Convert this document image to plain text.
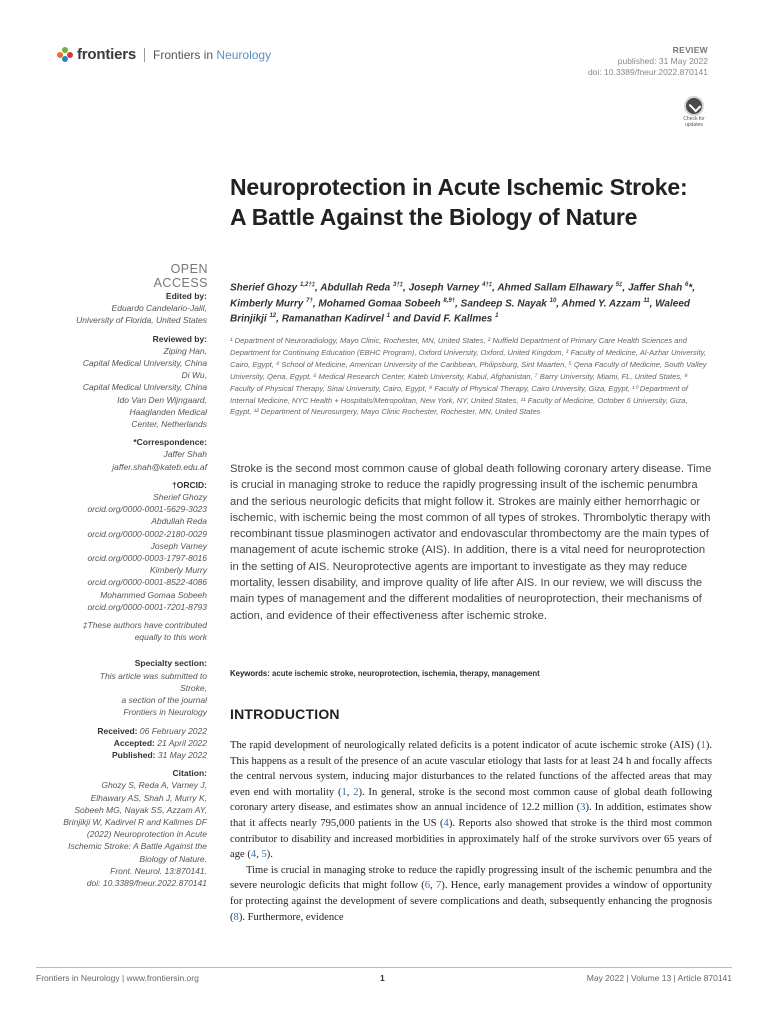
frontiers Frontiers in Neurology	REVIEW
published: 31 May 2022
doi: 10.3389/fneur.2022.870141
Check for updates
Neuroprotection in Acute Ischemic Stroke: A Battle Against the Biology of Nature
OPEN ACCESS
Edited by:
Eduardo Candelario-Jalil,
University of Florida, United States
Reviewed by:
Ziping Han,
Capital Medical University, China
Di Wu,
Capital Medical University, China
Ido Van Den Wijngaard,
Haaglanden Medical
Center, Netherlands
*Correspondence:
Jaffer Shah
jaffer.shah@kateb.edu.af
†ORCID:
Sherief Ghozy
orcid.org/0000-0001-5629-3023
Abdullah Reda
orcid.org/0000-0002-2180-0029
Joseph Varney
orcid.org/0000-0003-1797-8016
Kimberly Murry
orcid.org/0000-0001-8522-4086
Mohammed Gomaa Sobeeh
orcid.org/0000-0001-7201-8793
‡These authors have contributed
equally to this work
Specialty section:
This article was submitted to
Stroke,
a section of the journal
Frontiers in Neurology
Received: 06 February 2022
Accepted: 21 April 2022
Published: 31 May 2022
Citation:
Ghozy S, Reda A, Varney J,
Elhawary AS, Shah J, Murry K,
Sobeeh MG, Nayak SS, Azzam AY,
Brinjikji W, Kadirvel R and Kallmes DF
(2022) Neuroprotection in Acute
Ischemic Stroke: A Battle Against the
Biology of Nature.
Front. Neurol. 13:870141.
doi: 10.3389/fneur.2022.870141
Sherief Ghozy $^{1,2\dagger\ddagger}$, Abdullah Reda $^{3\dagger\ddagger}$, Joseph Varney $^{4\dagger\ddagger}$, Ahmed Sallam Elhawary $^{5\ddagger}$, Jaffer Shah $^6$*, Kimberly Murry $^{7\dagger}$, Mohamed Gomaa Sobeeh $^{8,9\dagger}$, Sandeep S. Nayak $^{10}$, Ahmed Y. Azzam $^{11}$, Waleed Brinjikji $^{12}$, Ramanathan Kadirvel $^1$ and David F. Kallmes $^1$
¹ Department of Neuroradiology, Mayo Clinic, Rochester, MN, United States, ² Nuffield Department of Primary Care Health Sciences and Department for Continuing Education (EBHC Program), Oxford University, Oxford, United Kingdom, ³ Faculty of Medicine, Al-Azhar University, Cairo, Egypt, ⁴ School of Medicine, American University of the Caribbean, Philipsburg, Sint Maarten, ⁵ Qena Faculty of Medicine, South Valley University, Qena, Egypt, ⁶ Medical Research Center, Kateb University, Kabul, Afghanistan, ⁷ Barry University, Miami, FL, United States, ⁸ Faculty of Physical Therapy, Sinai University, Cairo, Egypt, ⁹ Faculty of Physical Therapy, Cairo University, Giza, Egypt, ¹⁰ Department of Internal Medicine, NYC Health + Hospitals/Metropolitan, New York, NY, United States, ¹¹ Faculty of Medicine, October 6 University, Giza, Egypt, ¹² Department of Neurosurgery, Mayo Clinic Rochester, Rochester, MN, United States
Stroke is the second most common cause of global death following coronary artery disease. Time is crucial in managing stroke to reduce the rapidly progressing insult of the ischemic penumbra and the serious neurologic deficits that might follow it. Strokes are mainly either hemorrhagic or ischemic, with ischemic being the most common of all types of strokes. Thrombolytic therapy with recombinant tissue plasminogen activator and endovascular thrombectomy are the main types of management of acute ischemic stroke (AIS). In addition, there is a vital need for neuroprotection in the setting of AIS. Neuroprotective agents are important to investigate as they may reduce mortality, lessen disability, and improve quality of life after AIS. In our review, we will discuss the main types of management and the different modalities of neuroprotection, their mechanisms of action, and evidence of their effectiveness after ischemic stroke.
Keywords: acute ischemic stroke, neuroprotection, ischemia, therapy, management
INTRODUCTION

The rapid development of neurologically related deficits is a potent indicator of acute ischemic stroke (AIS) (1). This happens as a result of the presence of an acute vascular etiology that lasts for at least 24 h and focally affects the central nervous system, inducing major disturbances to the related functions of the affected areas that may even end with mortality (1, 2). In general, stroke is the second most common cause of global death following coronary artery disease, and estimates show an annual incidence of 12.2 million (3). In addition, estimates show that it affects nearly 795,000 patients in the US (4). Reports also showed that stroke is the third most common contributor to disability and increased morbidities in approximately half of the stroke survivors over 65 years of age (4, 5).

Time is crucial in managing stroke to reduce the rapidly progressing insult of the ischemic penumbra and the severe neurologic deficits that might follow (6, 7). Hence, early management provides a window of opportunity for protecting against the development of severe complications and death, subsequently enhancing the prognosis (8). Furthermore, evidence

Frontiers in Neurology | www.frontiersin.org	1	May 2022 | Volume 13 | Article 870141
